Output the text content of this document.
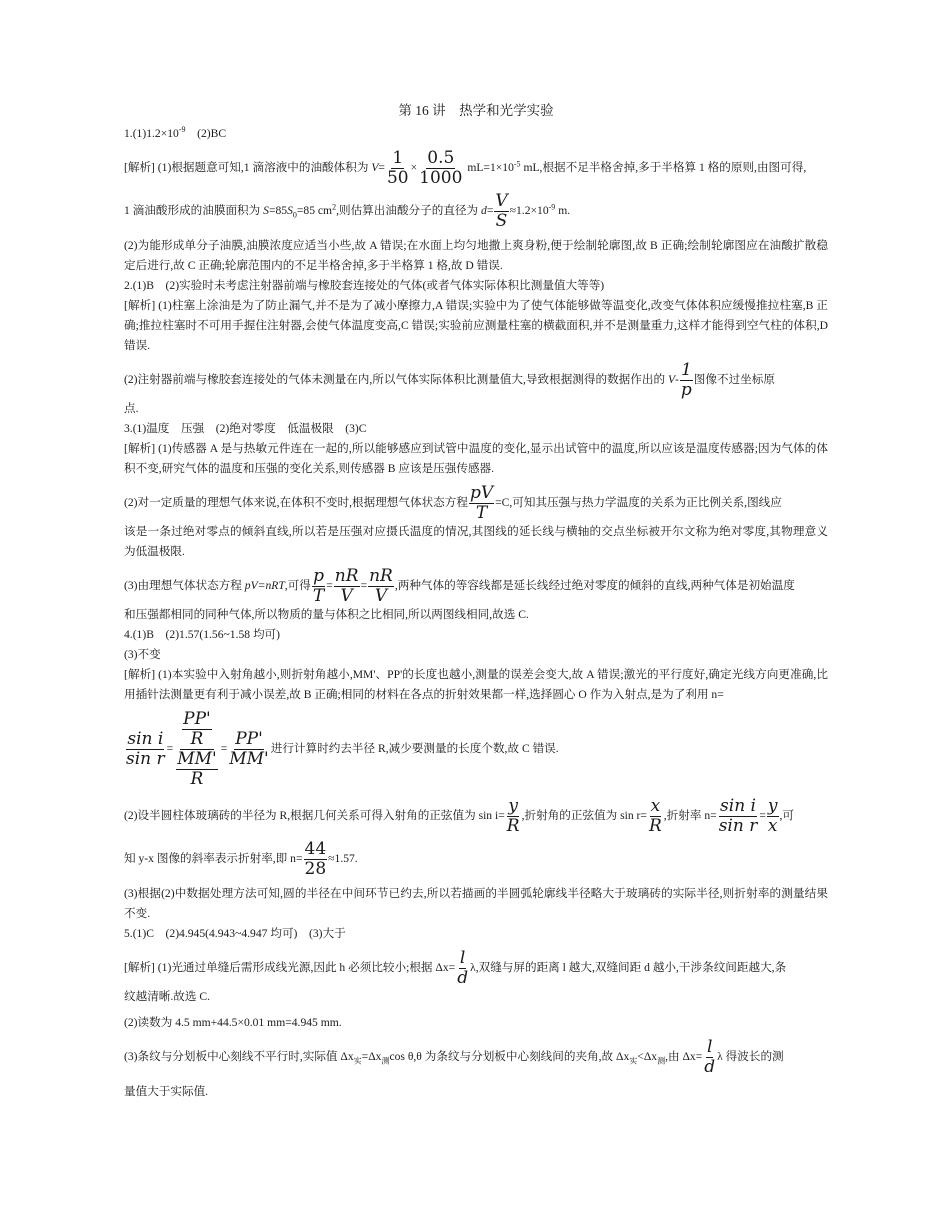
第 16 讲　热学和光学实验
$1.(1)1.2\times 10^{-9}$　(2)BC
[解析] (1)根据题意可知,1 滴溶液中的油酸体积为 $V= \frac{1}{50} \times \frac{0.5}{1000} mL=1\times 10^{-5}$ mL,根据不足半格舍掉,多于半格算 1 格的原则,由图可得,
1 滴油酸形成的油膜面积为 $S=85S_0=85$ $cm^2$,则估算出油酸分子的直径为 $d= \frac{V}{S} \approx 1.2\times 10^{-9}$ m.
(2)为能形成单分子油膜,油膜浓度应适当小些,故 A 错误;在水面上均匀地撒上爽身粉,便于绘制轮廓图,故 B 正确;绘制轮廓图应在油酸扩散稳定后进行,故 C 正确;轮廓范围内的不足半格舍掉,多于半格算 1 格,故 D 错误.
2.(1)B　(2)实验时未考虑注射器前端与橡胶套连接处的气体(或者气体实际体积比测量值大等等)
[解析] (1)柱塞上涂油是为了防止漏气,并不是为了减小摩擦力,A 错误;实验中为了使气体能够做等温变化,改变气体体积应缓慢推拉柱塞,B 正确;推拉柱塞时不可用手握住注射器,会使气体温度变高,C 错误;实验前应测量柱塞的横截面积,并不是测量重力,这样才能得到空气柱的体积,D 错误.
(2)注射器前端与橡胶套连接处的气体未测量在内,所以气体实际体积比测量值大,导致根据测得的数据作出的 $V- \frac{1}{p}$ 图像不过坐标原
点.
3.(1)温度　压强　(2)绝对零度　低温极限　(3)C
[解析] (1)传感器 A 是与热敏元件连在一起的,所以能够感应到试管中温度的变化,显示出试管中的温度,所以应该是温度传感器;因为气体的体积不变,研究气体的温度和压强的变化关系,则传感器 B 应该是压强传感器.
(2)对一定质量的理想气体来说,在体积不变时,根据理想气体状态方程 $\frac{pV}{T} =C$,可知其压强与热力学温度的关系为正比例关系,图线应
该是一条过绝对零点的倾斜直线,所以若是压强对应摄氏温度的情况,其图线的延长线与横轴的交点坐标被开尔文称为绝对零度,其物理意义为低温极限.
(3)由理想气体状态方程 pV=nRT,可得 $\frac{p}{T} = \frac{nR}{V} = \frac{nR}{V}$ ,两种气体的等容线都是延长线经过绝对零度的倾斜的直线,两种气体是初始温度
和压强都相同的同种气体,所以物质的量与体积之比相同,所以两图线相同,故选 C.
4.(1)B　(2)1.57(1.56~1.58 均可)
(3)不变
[解析] (1)本实验中入射角越小,则折射角越小,MM'、PP'的长度也越小,测量的误差会变大,故 A 错误;激光的平行度好,确定光线方向更准确,比用插针法测量更有利于减小误差,故 B 正确;相同的材料在各点的折射效果都一样,选择圆心 O 作为入射点,是为了利用 n=
$\frac{\text{sin i}}{\text{sin r}} = \frac{\frac{PP'}{R}}{\frac{MM'}{R}} = \frac{PP'}{MM'}$ 进行计算时约去半径 R,减少要测量的长度个数,故 C 错误.
(2)设半圆柱体玻璃砖的半径为 R,根据几何关系可得入射角的正弦值为 $\sin i= \frac{y}{R}$ ,折射角的正弦值为 $\sin r= \frac{x}{R}$ ,折射率 $n= \frac{\text{sin i}}{\text{sin r}} = \frac{y}{x}$ ,可
知 y-x 图像的斜率表示折射率,即 $n= \frac{44}{28} \approx 1.57$.
(3)根据(2)中数据处理方法可知,圆的半径在中间环节已约去,所以若描画的半圆弧轮廓线半径略大于玻璃砖的实际半径,则折射率的测量结果不变.
5.(1)C　(2)4.945(4.943~4.947 均可)　(3)大于
[解析] (1)光通过单缝后需形成线光源,因此 h 必须比较小;根据 $\Delta x= \frac{l}{d} \lambda$,双缝与屏的距离 l 越大,双缝间距 d 越小,干涉条纹间距越大,条
纹越清晰.故选 C.
(2)读数为 4.5 mm+44.5×0.01 mm=4.945 mm.
(3)条纹与分划板中心刻线不平行时,实际值 $\Delta x_实=\Delta x_测\cos$ θ,θ 为条纹与分划板中心刻线间的夹角,故 $\Delta x_实<\Delta x_测$,由 $\Delta x= \frac{l}{d}$ λ 得波长的测
量值大于实际值.
